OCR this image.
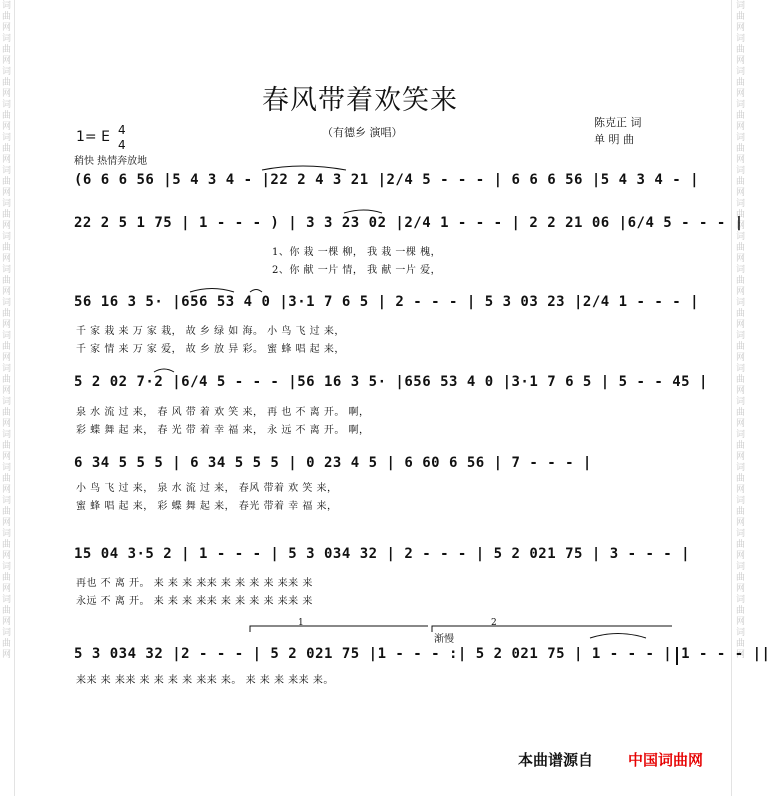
词曲网词曲网词曲网词曲网词曲网词曲网词曲网词曲网词曲网词曲网词曲网词曲网词曲网词曲网词曲网词曲网词曲网词曲网词曲网词曲网	词曲网词曲网词曲网词曲网词曲网词曲网词曲网词曲网词曲网词曲网词曲网词曲网词曲网词曲网词曲网词曲网词曲网词曲网词曲网词曲网
春风带着欢笑来
（有德乡 演唱）
陈克正 词
单 明 曲
1= E 4
4
稍快 热情奔放地
(6 6 6 56 |5 4 3 4 - |22 2 4 3 21 |2/4 5 - - - | 6 6 6 56 |5 4 3 4 - |
22 2 5 1 75 | 1 - - - ) | 3 3 23 02 |2/4 1 - - - | 2 2 21 06 |6/4 5 - - - |
1、你 栽 一棵 柳， 我 栽 一棵 槐，
2、你 献 一片 情， 我 献 一片 爱，
56 16 3 5· |656 53 4 0 |3·1 7 6 5 | 2 - - - | 5 3 03 23 |2/4 1 - - - |
千 家 栽 来 万 家 栽， 故 乡 绿 如 海。 小 鸟 飞 过 来，
千 家 情 来 万 家 爱， 故 乡 放 异 彩。 蜜 蜂 唱 起 来，
5 2 02 7·2 |6/4 5 - - - |56 16 3 5· |656 53 4 0 |3·1 7 6 5 | 5 - - 45 |
泉 水 流 过 来， 春 风 带 着 欢 笑 来， 再 也 不 离 开。 啊，
彩 蝶 舞 起 来， 春 光 带 着 幸 福 来， 永 远 不 离 开。 啊，
6 34 5 5 5 | 6 34 5 5 5 | 0 23 4 5 | 6 60 6 56 | 7 - - - |
小 鸟 飞 过 来， 泉 水 流 过 来， 春风 带着 欢 笑 来，
蜜 蜂 唱 起 来， 彩 蝶 舞 起 来， 春光 带着 幸 福 来，
15 04 3·5 2 | 1 - - - | 5 3 034 32 | 2 - - - | 5 2 021 75 | 3 - - - |
再也 不 离 开。 来 来 来 来来 来 来 来 来 来来 来
永远 不 离 开。 来 来 来 来来 来 来 来 来 来来 来
1	2
渐慢
5 3 034 32 |2 - - - | 5 2 021 75 |1 - - - :| 5 2 021 75 | 1 - - - | 1 - - - ||
来来 来 来来 来 来 来 来 来来 来。 来 来 来 来来 来。
本曲谱源自 中国词曲网
